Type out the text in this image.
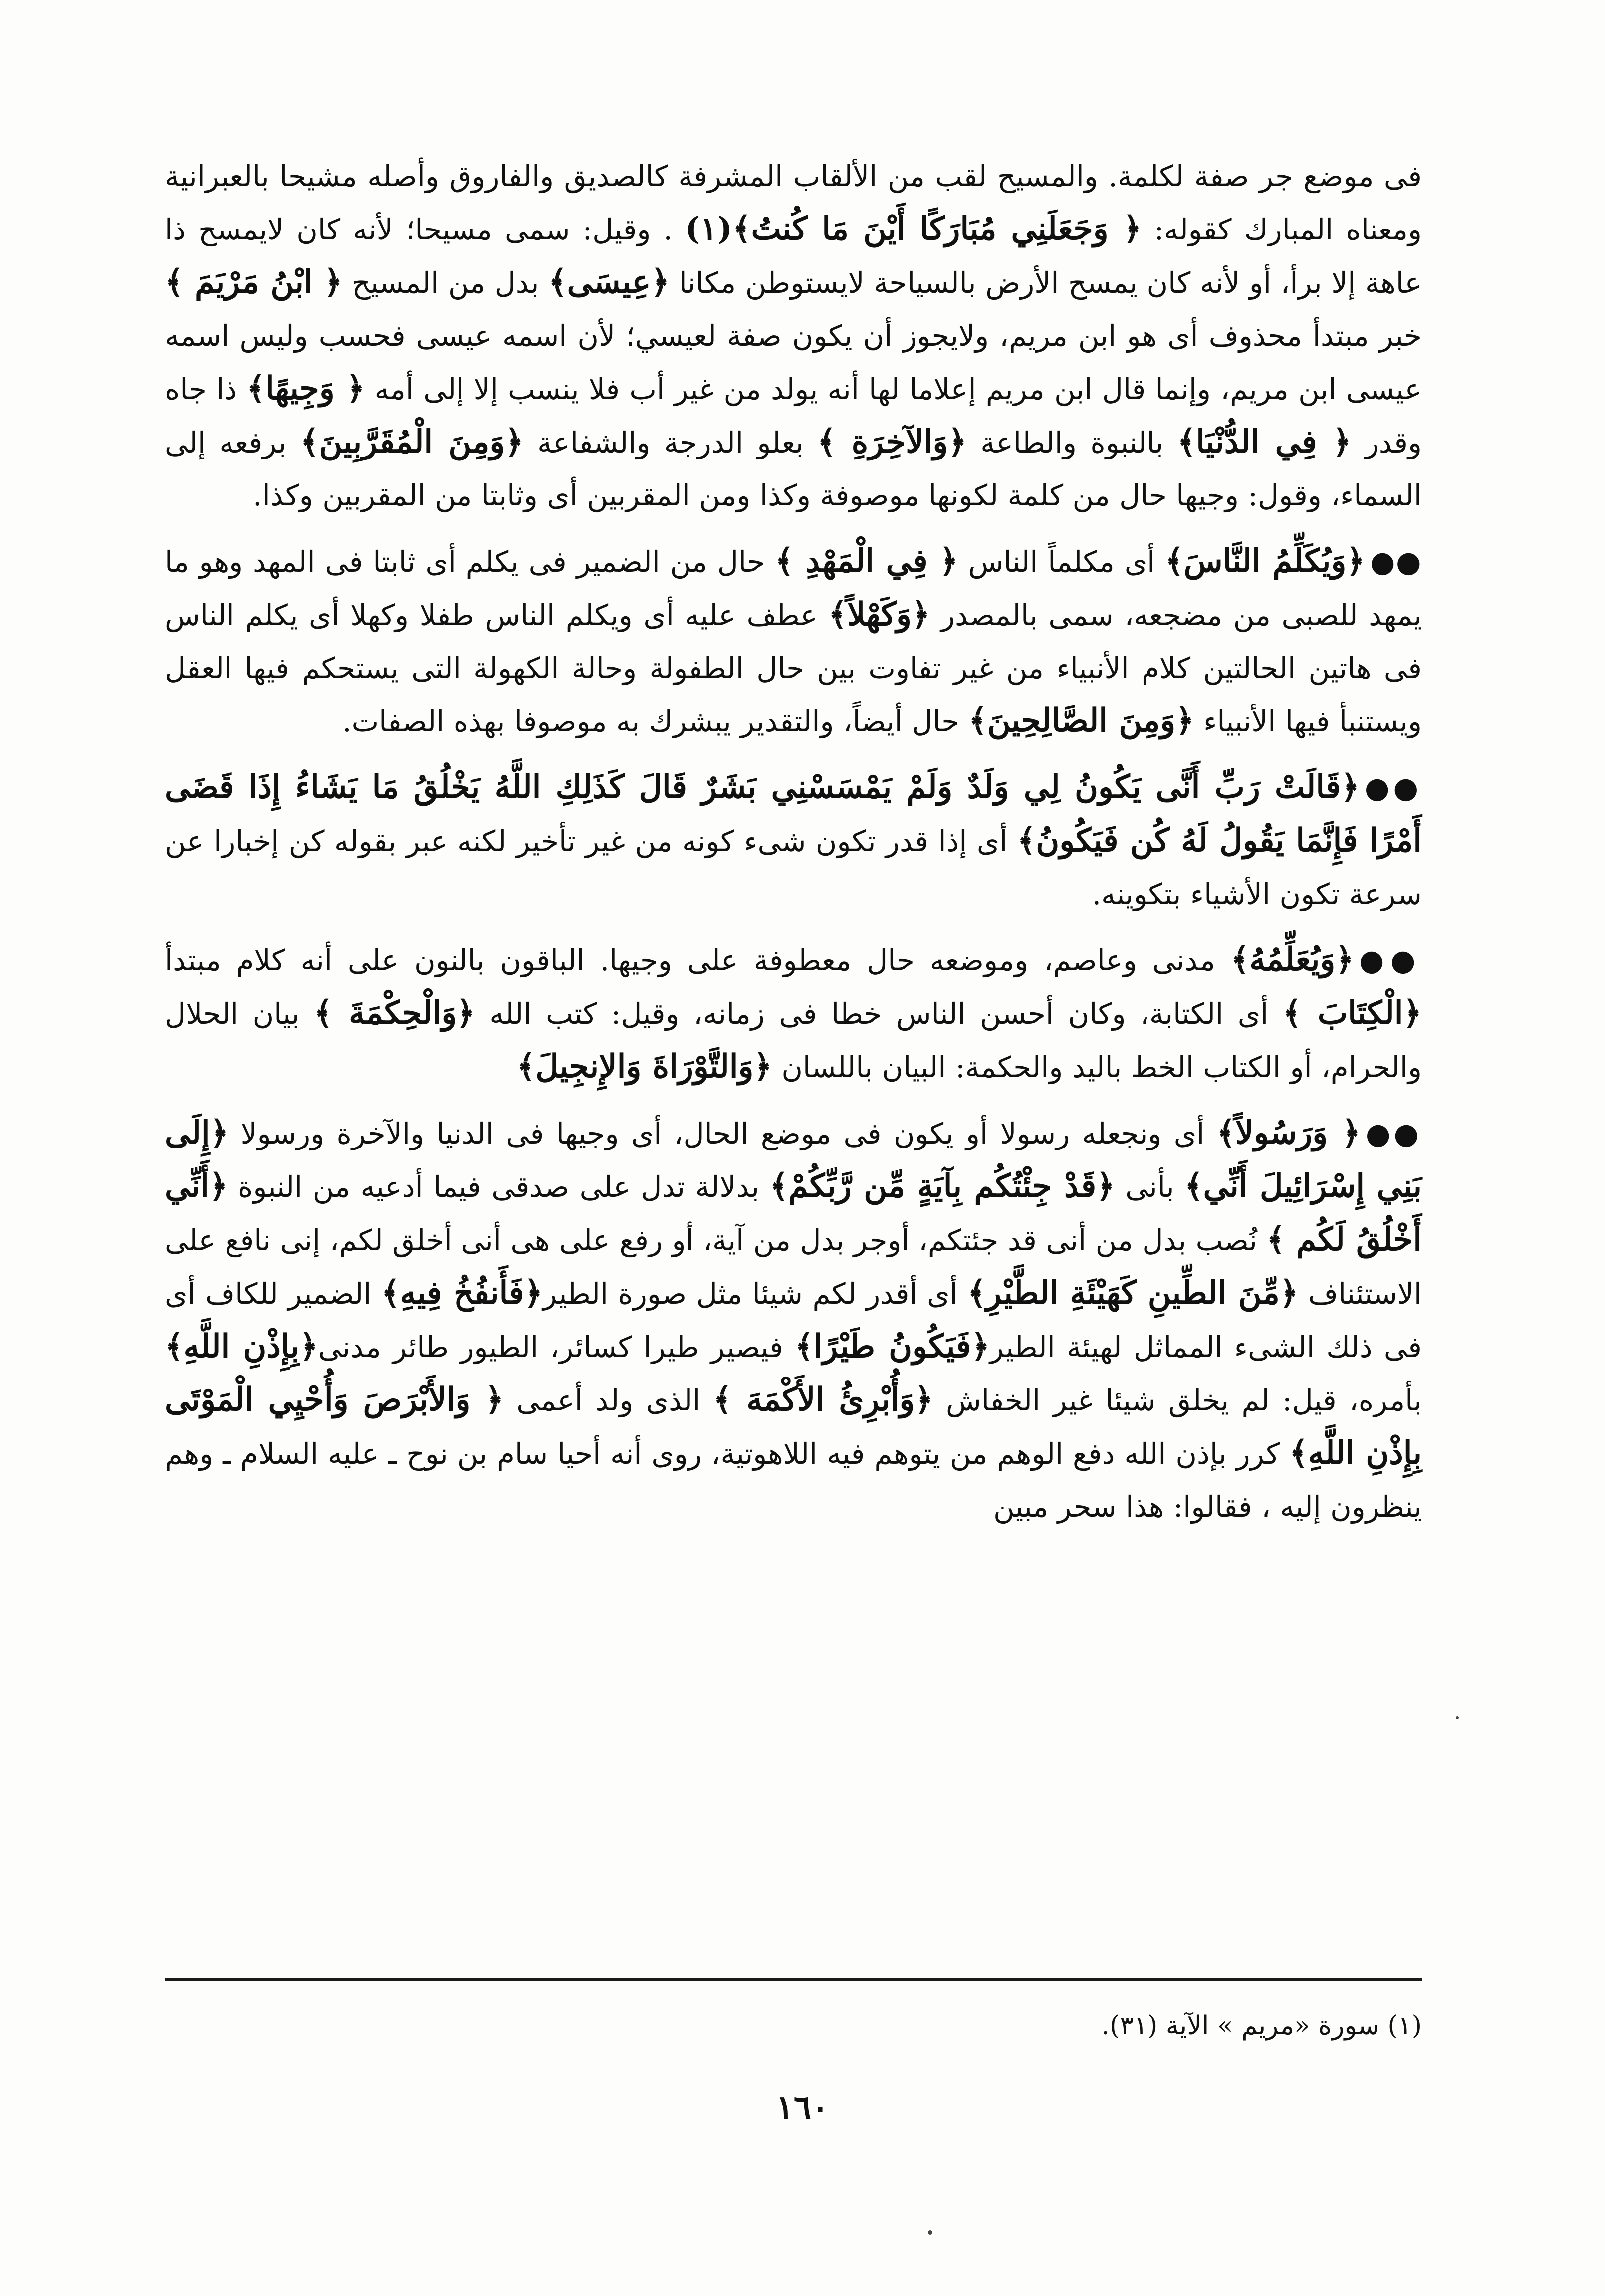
فى موضع جر صفة لكلمة. والمسيح لقب من الألقاب المشرفة كالصديق والفاروق وأصله مشيحا بالعبرانية ومعناه المبارك كقوله: ﴿ وَجَعَلَنِي مُبَارَكًا أَيْنَ مَا كُنتُ﴾(١) . وقيل: سمى مسيحا؛ لأنه كان لايمسح ذا عاهة إلا برأ، أو لأنه كان يمسح الأرض بالسياحة لايستوطن مكانا ﴿عِيسَى﴾ بدل من المسيح ﴿ ابْنُ مَرْيَمَ ﴾ خبر مبتدأ محذوف أى هو ابن مريم، ولايجوز أن يكون صفة لعيسي؛ لأن اسمه عيسى فحسب وليس اسمه عيسى ابن مريم، وإنما قال ابن مريم إعلاما لها أنه يولد من غير أب فلا ينسب إلا إلى أمه ﴿ وَجِيهًا﴾ ذا جاه وقدر ﴿ فِي الدُّنْيَا﴾ بالنبوة والطاعة ﴿وَالآخِرَةِ ﴾ بعلو الدرجة والشفاعة ﴿وَمِنَ الْمُقَرَّبِينَ﴾ برفعه إلى السماء، وقول: وجيها حال من كلمة لكونها موصوفة وكذا ومن المقربين أى وثابتا من المقربين وكذا.

●●﴿وَيُكَلِّمُ النَّاسَ﴾ أى مكلماً الناس ﴿ فِي الْمَهْدِ ﴾ حال من الضمير فى يكلم أى ثابتا فى المهد وهو ما يمهد للصبى من مضجعه، سمى بالمصدر ﴿وَكَهْلاً﴾ عطف عليه أى ويكلم الناس طفلا وكهلا أى يكلم الناس فى هاتين الحالتين كلام الأنبياء من غير تفاوت بين حال الطفولة وحالة الكهولة التى يستحكم فيها العقل ويستنبأ فيها الأنبياء ﴿وَمِنَ الصَّالِحِينَ﴾ حال أيضاً، والتقدير يبشرك به موصوفا بهذه الصفات.

●●﴿قَالَتْ رَبِّ أَنَّى يَكُونُ لِي وَلَدٌ وَلَمْ يَمْسَسْنِي بَشَرٌ قَالَ كَذَلِكِ اللَّهُ يَخْلُقُ مَا يَشَاءُ إِذَا قَضَى أَمْرًا فَإِنَّمَا يَقُولُ لَهُ كُن فَيَكُونُ﴾ أى إذا قدر تكون شىء كونه من غير تأخير لكنه عبر بقوله كن إخبارا عن سرعة تكون الأشياء بتكوينه.

●●﴿وَيُعَلِّمُهُ﴾ مدنى وعاصم، وموضعه حال معطوفة على وجيها. الباقون بالنون على أنه كلام مبتدأ ﴿الْكِتَابَ ﴾ أى الكتابة، وكان أحسن الناس خطا فى زمانه، وقيل: كتب الله ﴿وَالْحِكْمَةَ ﴾ بيان الحلال والحرام، أو الكتاب الخط باليد والحكمة: البيان باللسان ﴿وَالتَّوْرَاةَ وَالإِنجِيلَ﴾

●●﴿ وَرَسُولاً﴾ أى ونجعله رسولا أو يكون فى موضع الحال، أى وجيها فى الدنيا والآخرة ورسولا ﴿إِلَى بَنِي إِسْرَائِيلَ أَنِّي﴾ بأنى ﴿قَدْ جِئْتُكُم بِآيَةٍ مِّن رَّبِّكُمْ﴾ بدلالة تدل على صدقى فيما أدعيه من النبوة ﴿أَنِّي أَخْلُقُ لَكُم ﴾ نُصب بدل من أنى قد جئتكم، أوجر بدل من آية، أو رفع على هى أنى أخلق لكم، إنى نافع على الاستئناف ﴿مِّنَ الطِّينِ كَهَيْئَةِ الطَّيْرِ﴾ أى أقدر لكم شيئا مثل صورة الطير﴿فَأَنفُخُ فِيهِ﴾ الضمير للكاف أى فى ذلك الشىء المماثل لهيئة الطير﴿فَيَكُونُ طَيْرًا﴾ فيصير طيرا كسائر، الطيور طائر مدنى﴿بِإِذْنِ اللَّهِ﴾بأمره، قيل: لم يخلق شيئا غير الخفاش ﴿وَأُبْرِئُ الأَكْمَهَ ﴾ الذى ولد أعمى ﴿ وَالأَبْرَصَ وَأُحْيِي الْمَوْتَى بِإِذْنِ اللَّهِ﴾ كرر بإذن الله دفع الوهم من يتوهم فيه اللاهوتية، روى أنه أحيا سام بن نوح ـ عليه السلام ـ وهم ينظرون إليه ، فقالوا: هذا سحر مبين

(١) سورة «مريم » الآية (٣١).
١٦٠
